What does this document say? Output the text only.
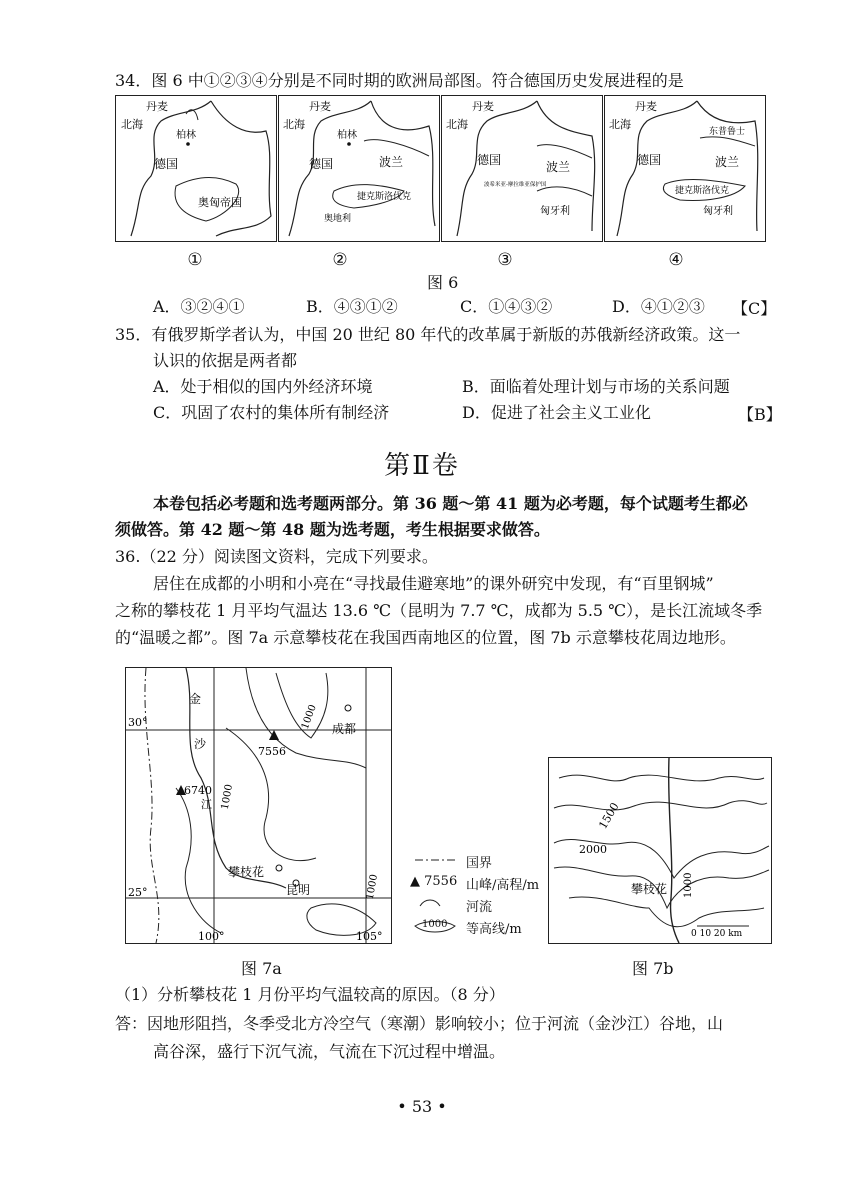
34．图 6 中①②③④分别是不同时期的欧洲局部图。符合德国历史发展进程的是
丹麦
北海
柏林
德国
奥匈帝国
丹麦
北海
柏林
德国	波兰
捷克斯洛伐克
奥地利
丹麦
北海
德国	波兰
波希米亚-摩拉维亚保护国
匈牙利
丹麦
北海
东普鲁士
德国	波兰
捷克斯洛伐克
匈牙利
①	②	③	④
图 6
A．③②④①	B．④③①②	C．①④③②	D．④①②③ 【C】
35．有俄罗斯学者认为，中国 20 世纪 80 年代的改革属于新版的苏俄新经济政策。这一
认识的依据是两者都
A．处于相似的国内外经济环境	B．面临着处理计划与市场的关系问题
C．巩固了农村的集体所有制经济	D．促进了社会主义工业化	【B】
第Ⅱ卷
本卷包括必考题和选考题两部分。第 36 题～第 41 题为必考题，每个试题考生都必
须做答。第 42 题～第 48 题为选考题，考生根据要求做答。
36.（22 分）阅读图文资料，完成下列要求。
居住在成都的小明和小亮在“寻找最佳避寒地”的课外研究中发现，有“百里钢城”
之称的攀枝花 1 月平均气温达 13.6 ℃（昆明为 7.7 ℃，成都为 5.5 ℃），是长江流域冬季
的“温暖之都”。图 7a 示意攀枝花在我国西南地区的位置，图 7b 示意攀枝花周边地形。
金
沙
江
成都
攀枝花
昆明
7556
6740
1000
1000
1000
30°
25°
100°	105°
国界
▲ 7556 山峰/高程/m
河流
1000 等高线/m
1500
2000
1000
攀枝花
0 10 20 km
图 7a	图 7b
（1）分析攀枝花 1 月份平均气温较高的原因。（8 分）
答：因地形阻挡，冬季受北方冷空气（寒潮）影响较小；位于河流（金沙江）谷地，山
高谷深，盛行下沉气流，气流在下沉过程中增温。
• 53 •
